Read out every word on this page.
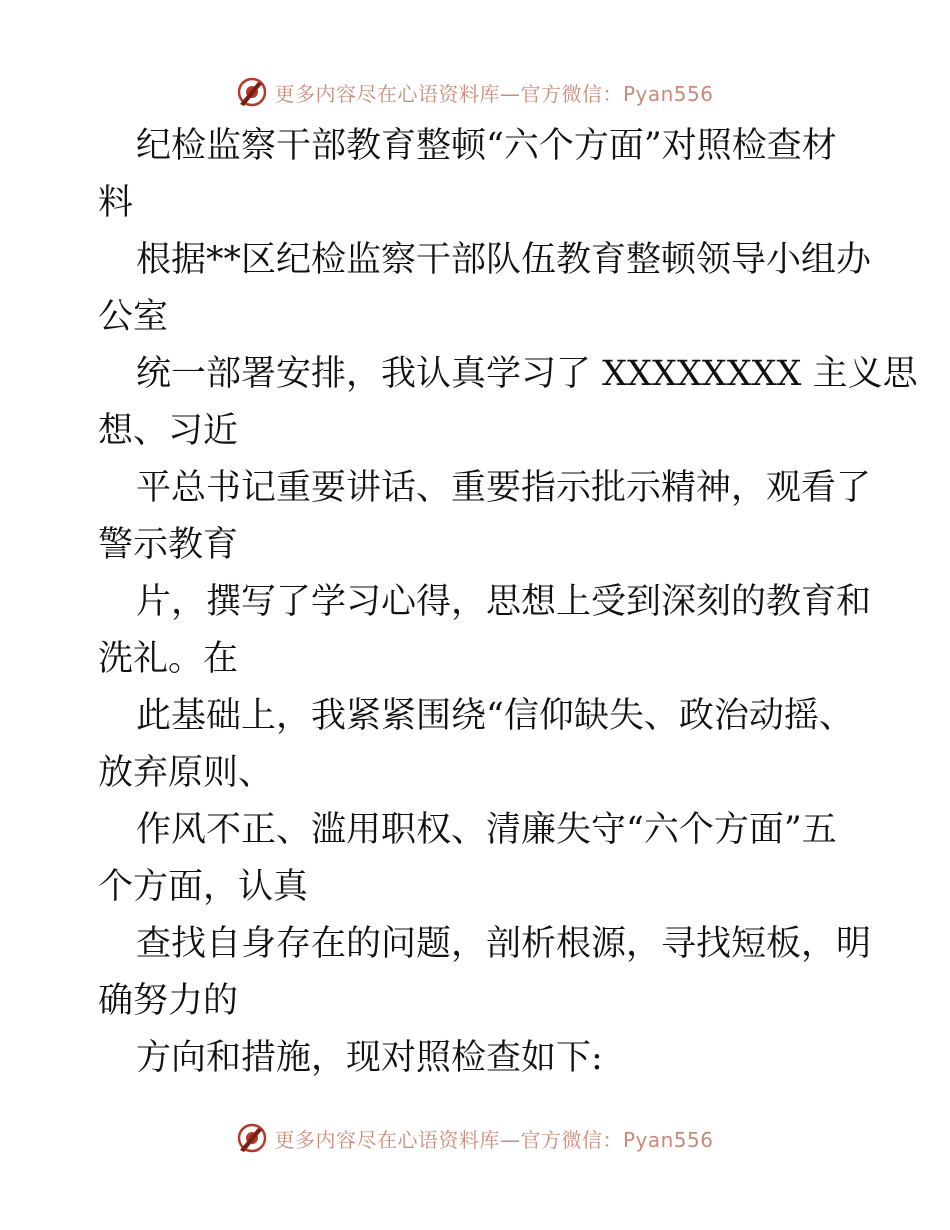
更多内容尽在心语资料库—官方微信：Pyan556
纪检监察干部教育整顿“六个方面”对照检查材
料
根据**区纪检监察干部队伍教育整顿领导小组办
公室
统一部署安排，我认真学习了 XXXXXXXX 主义思
想、习近
平总书记重要讲话、重要指示批示精神，观看了
警示教育
片，撰写了学习心得，思想上受到深刻的教育和
洗礼。在
此基础上，我紧紧围绕“信仰缺失、政治动摇、
放弃原则、
作风不正、滥用职权、清廉失守“六个方面”五
个方面，认真
查找自身存在的问题，剖析根源，寻找短板，明
确努力的
方向和措施，现对照检查如下:
更多内容尽在心语资料库—官方微信：Pyan556
